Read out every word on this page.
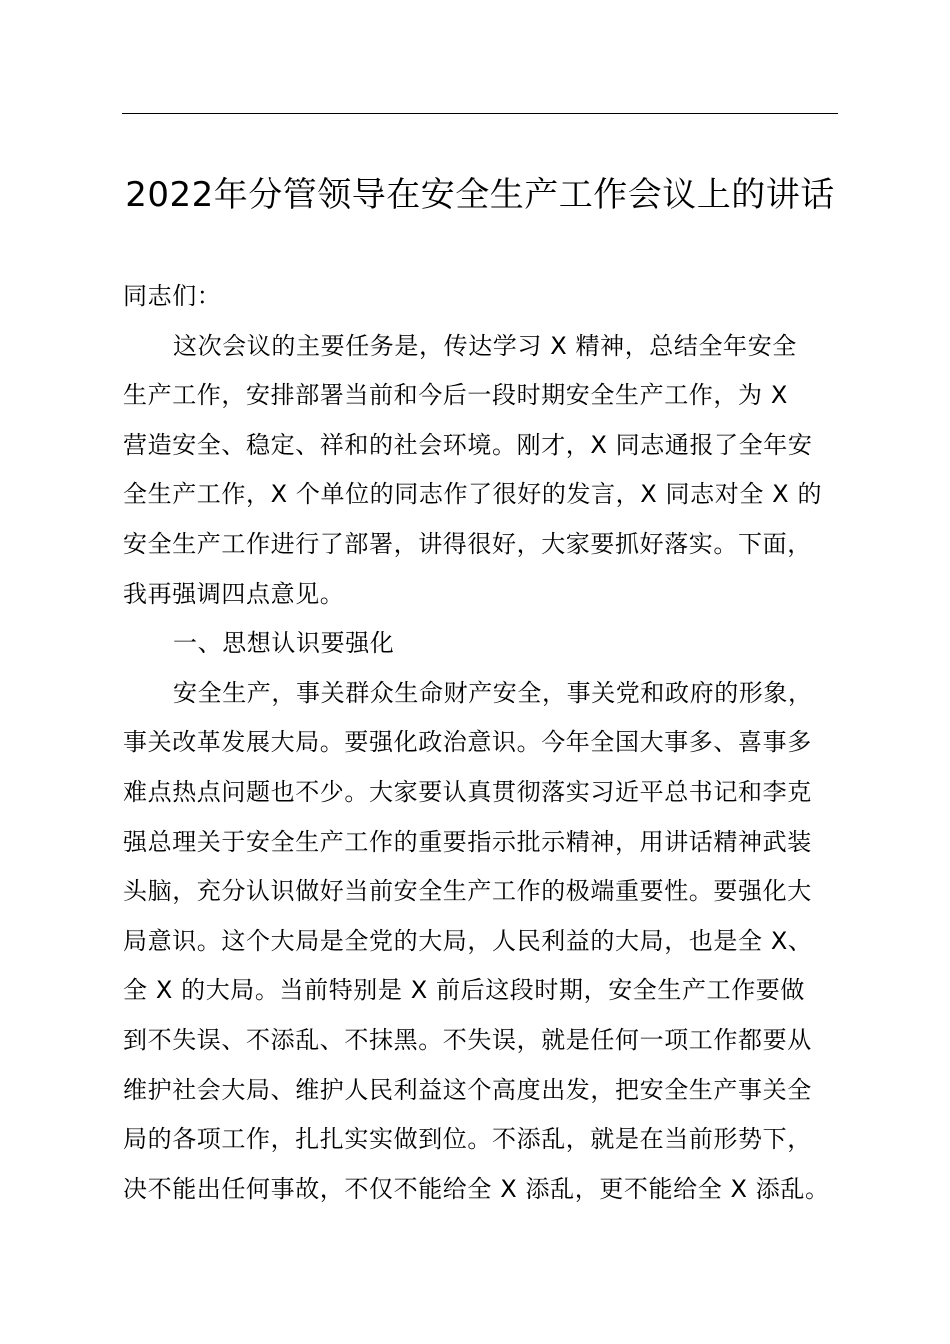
2022年分管领导在安全生产工作会议上的讲话
同志们：
这次会议的主要任务是，传达学习 X 精神，总结全年安全
生产工作，安排部署当前和今后一段时期安全生产工作，为 X
营造安全、稳定、祥和的社会环境。刚才，X 同志通报了全年安
全生产工作，X 个单位的同志作了很好的发言，X 同志对全 X 的
安全生产工作进行了部署，讲得很好，大家要抓好落实。下面，
我再强调四点意见。
一、思想认识要强化
安全生产，事关群众生命财产安全，事关党和政府的形象，
事关改革发展大局。要强化政治意识。今年全国大事多、喜事多
难点热点问题也不少。大家要认真贯彻落实习近平总书记和李克
强总理关于安全生产工作的重要指示批示精神，用讲话精神武装
头脑，充分认识做好当前安全生产工作的极端重要性。要强化大
局意识。这个大局是全党的大局，人民利益的大局，也是全 X、
全 X 的大局。当前特别是 X 前后这段时期，安全生产工作要做
到不失误、不添乱、不抹黑。不失误，就是任何一项工作都要从
维护社会大局、维护人民利益这个高度出发，把安全生产事关全
局的各项工作，扎扎实实做到位。不添乱，就是在当前形势下，
决不能出任何事故，不仅不能给全 X 添乱，更不能给全 X 添乱。
